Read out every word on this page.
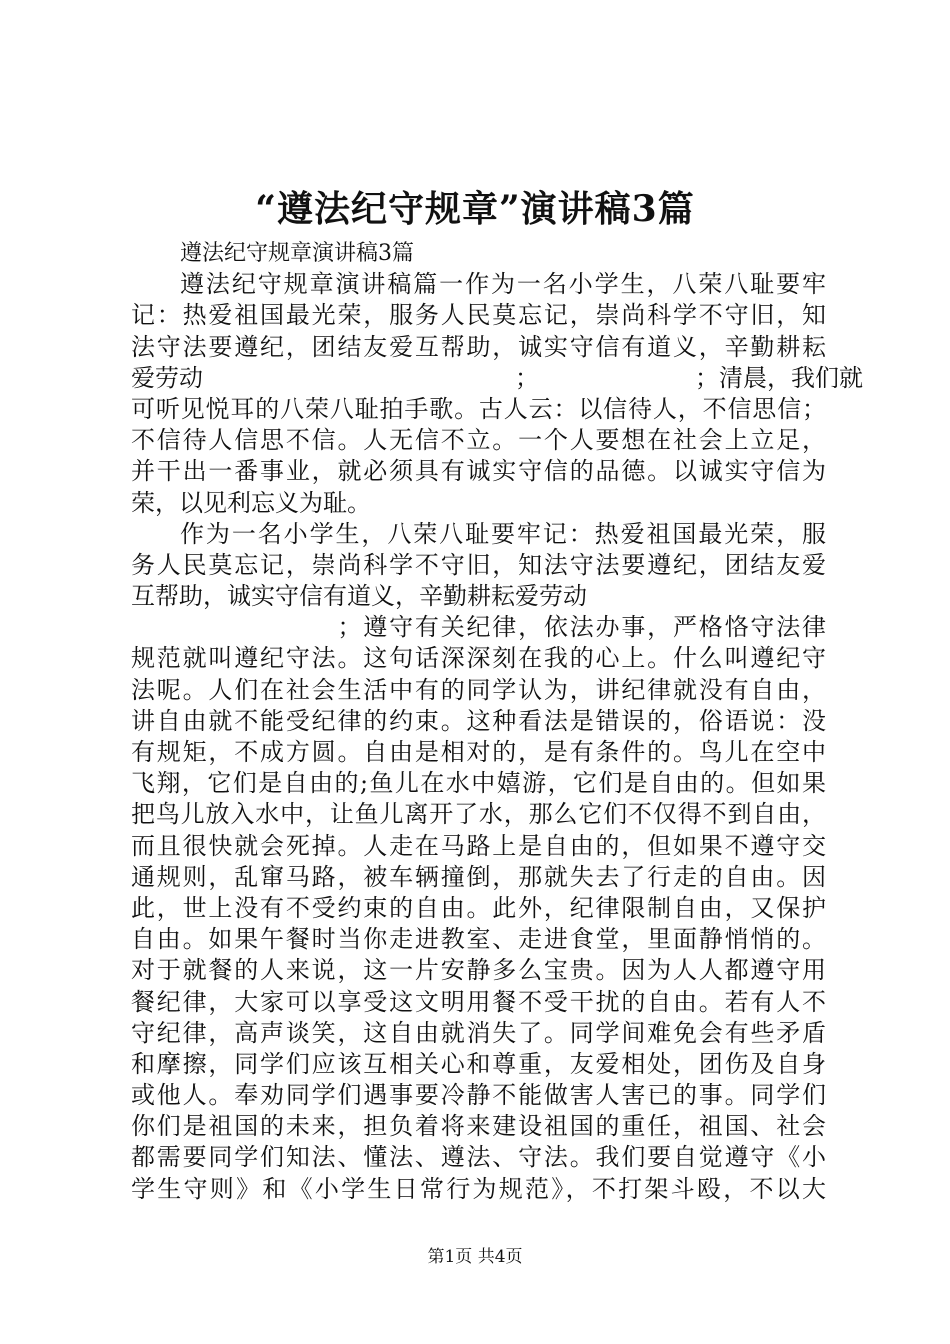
“遵法纪守规章”演讲稿3篇
遵法纪守规章演讲稿3篇
遵法纪守规章演讲稿篇一作为一名小学生，八荣八耻要牢
记：热爱祖国最光荣，服务人民莫忘记，崇尚科学不守旧，知
法守法要遵纪，团结友爱互帮助，诚实守信有道义，辛勤耕耘
爱劳动　　　　　　　　　　　　　；　　　　　　　；清晨，我们就
可听见悦耳的八荣八耻拍手歌。古人云：以信待人，不信思信；
不信待人信思不信。人无信不立。一个人要想在社会上立足，
并干出一番事业，就必须具有诚实守信的品德。以诚实守信为
荣，以见利忘义为耻。
作为一名小学生，八荣八耻要牢记：热爱祖国最光荣，服
务人民莫忘记，崇尚科学不守旧，知法守法要遵纪，团结友爱
互帮助，诚实守信有道义，辛勤耕耘爱劳动
　　　　　　　　；遵守有关纪律，依法办事，严格恪守法律
规范就叫遵纪守法。这句话深深刻在我的心上。什么叫遵纪守
法呢。人们在社会生活中有的同学认为，讲纪律就没有自由，
讲自由就不能受纪律的约束。这种看法是错误的，俗语说：没
有规矩，不成方圆。自由是相对的，是有条件的。鸟儿在空中
飞翔，它们是自由的;鱼儿在水中嬉游，它们是自由的。但如果
把鸟儿放入水中，让鱼儿离开了水，那么它们不仅得不到自由，
而且很快就会死掉。人走在马路上是自由的，但如果不遵守交
通规则，乱窜马路，被车辆撞倒，那就失去了行走的自由。因
此，世上没有不受约束的自由。此外，纪律限制自由，又保护
自由。如果午餐时当你走进教室、走进食堂，里面静悄悄的。
对于就餐的人来说，这一片安静多么宝贵。因为人人都遵守用
餐纪律，大家可以享受这文明用餐不受干扰的自由。若有人不
守纪律，高声谈笑，这自由就消失了。同学间难免会有些矛盾
和摩擦，同学们应该互相关心和尊重，友爱相处，团伤及自身
或他人。奉劝同学们遇事要冷静不能做害人害已的事。同学们
你们是祖国的未来，担负着将来建设祖国的重任，祖国、社会
都需要同学们知法、懂法、遵法、守法。我们要自觉遵守《小
学生守则》和《小学生日常行为规范》，不打架斗殴，不以大
第1页 共4页
